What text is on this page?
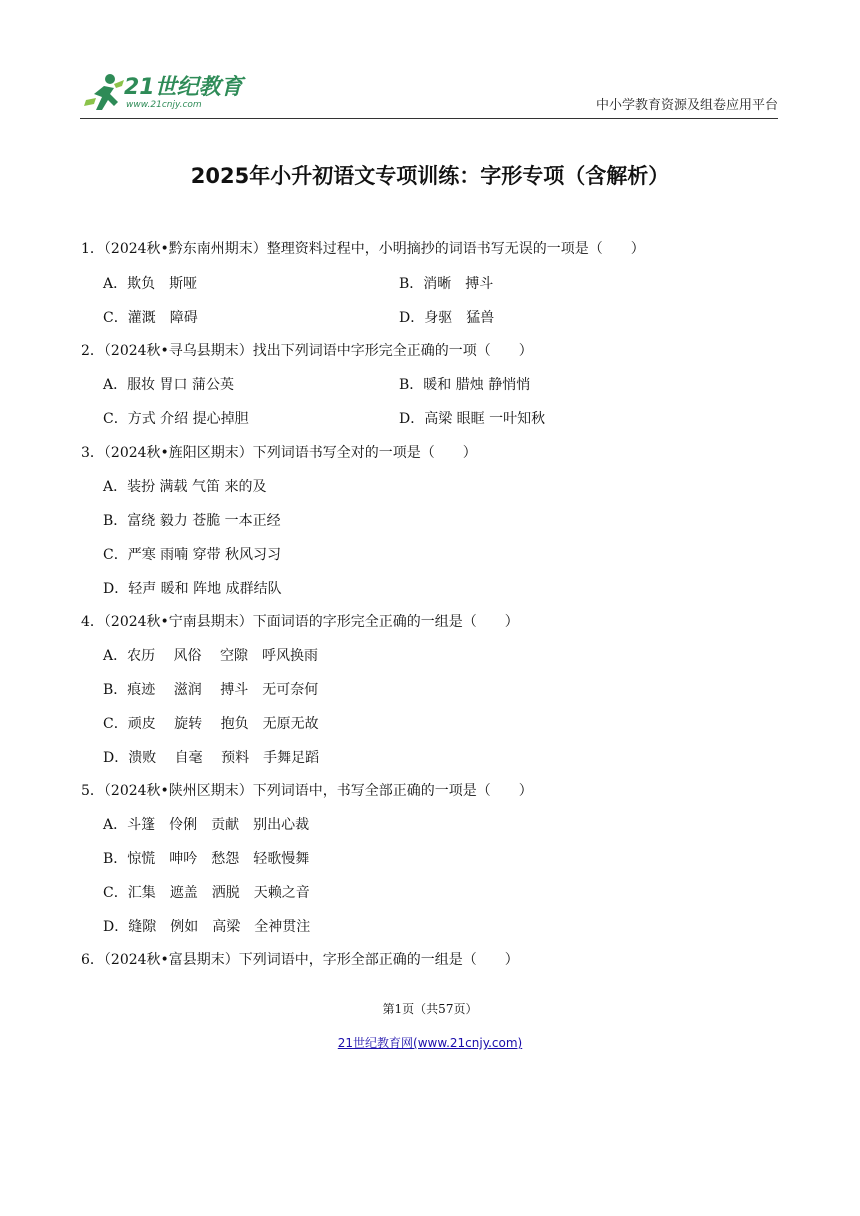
21世纪教育
www.21cnjy.com	中小学教育资源及组卷应用平台
2025年小升初语文专项训练：字形专项（含解析）
1．（2024秋•黔东南州期末）整理资料过程中，小明摘抄的词语书写无误的一项是（　　）
A．欺负　斯哑	B．消晰　搏斗
C．灌溉　障碍	D．身驱　猛兽
2．（2024秋•寻乌县期末）找出下列词语中字形完全正确的一项（　　）
A．服妆 胃口 蒲公英	B．暖和 腊烛 静悄悄
C．方式 介绍 提心掉胆	D．高梁 眼眶 一叶知秋
3．（2024秋•旌阳区期末）下列词语书写全对的一项是（　　）
A．装扮 满载 气笛 来的及
B．富绕 毅力 苍脆 一本正经
C．严寒 雨喃 穿带 秋风习习
D．轻声 暖和 阵地 成群结队
4．（2024秋•宁南县期末）下面词语的字形完全正确的一组是（　　）
A．农历　 风俗　 空隙　呼风换雨
B．痕迹　 滋润　 搏斗　无可奈何
C．顽皮　 旋转　 抱负　无原无故
D．溃败　 自毫　 预料　手舞足蹈
5．（2024秋•陕州区期末）下列词语中，书写全部正确的一项是（　　）
A．斗篷　伶俐　贡献　别出心裁
B．惊慌　呻吟　愁怨　轻歌慢舞
C．汇集　遮盖　洒脱　天赖之音
D．缝隙　例如　高梁　全神贯注
6．（2024秋•富县期末）下列词语中，字形全部正确的一组是（　　）
第1页（共57页）
21世纪教育网(www.21cnjy.com)
